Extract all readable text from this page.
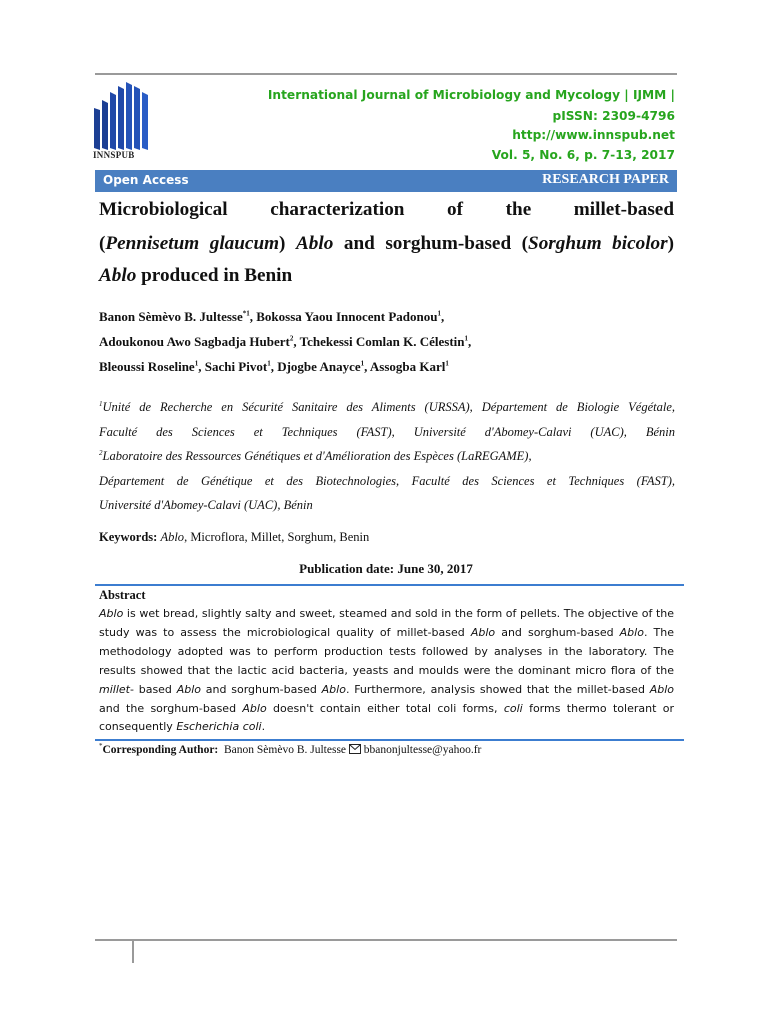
INNSPUB
International Journal of Microbiology and Mycology | IJMM |
pISSN: 2309-4796
http://www.innspub.net
Vol. 5, No. 6, p. 7-13, 2017
Open Access	RESEARCH PAPER
Microbiological characterization of the millet-based
(Pennisetum glaucum) Ablo and sorghum-based (Sorghum bicolor)
Ablo produced in Benin
Banon Sèmèvo B. Jultesse$^{*1}$, Bokossa Yaou Innocent Padonou$^1$,
Adoukonou Awo Sagbadja Hubert$^2$, Tchekessi Comlan K. Célestin$^1$,
Bleoussi Roseline$^1$, Sachi Pivot$^1$, Djogbe Anayce$^1$, Assogba Karl$^1$
$^1$Unité de Recherche en Sécurité Sanitaire des Aliments (URSSA), Département de Biologie Végétale,
Faculté des Sciences et Techniques (FAST), Université d'Abomey-Calavi (UAC), Bénin
$^2$Laboratoire des Ressources Génétiques et d'Amélioration des Espèces (LaREGAME),
Département de Génétique et des Biotechnologies, Faculté des Sciences et Techniques (FAST),
Université d'Abomey-Calavi (UAC), Bénin
Keywords: Ablo, Microflora, Millet, Sorghum, Benin
Publication date: June 30, 2017
Abstract
Ablo is wet bread, slightly salty and sweet, steamed and sold in the form of pellets. The objective of the study was to assess the microbiological quality of millet-based Ablo and sorghum-based Ablo. The methodology adopted was to perform production tests followed by analyses in the laboratory. The results showed that the lactic acid bacteria, yeasts and moulds were the dominant micro flora of the millet- based Ablo and sorghum-based Ablo. Furthermore, analysis showed that the millet-based Ablo and the sorghum-based Ablo doesn't contain either total coli forms, coli forms thermo tolerant or consequently Escherichia coli.
*Corresponding Author: Banon Sèmèvo B. Jultesse bbanonjultesse@yahoo.fr
